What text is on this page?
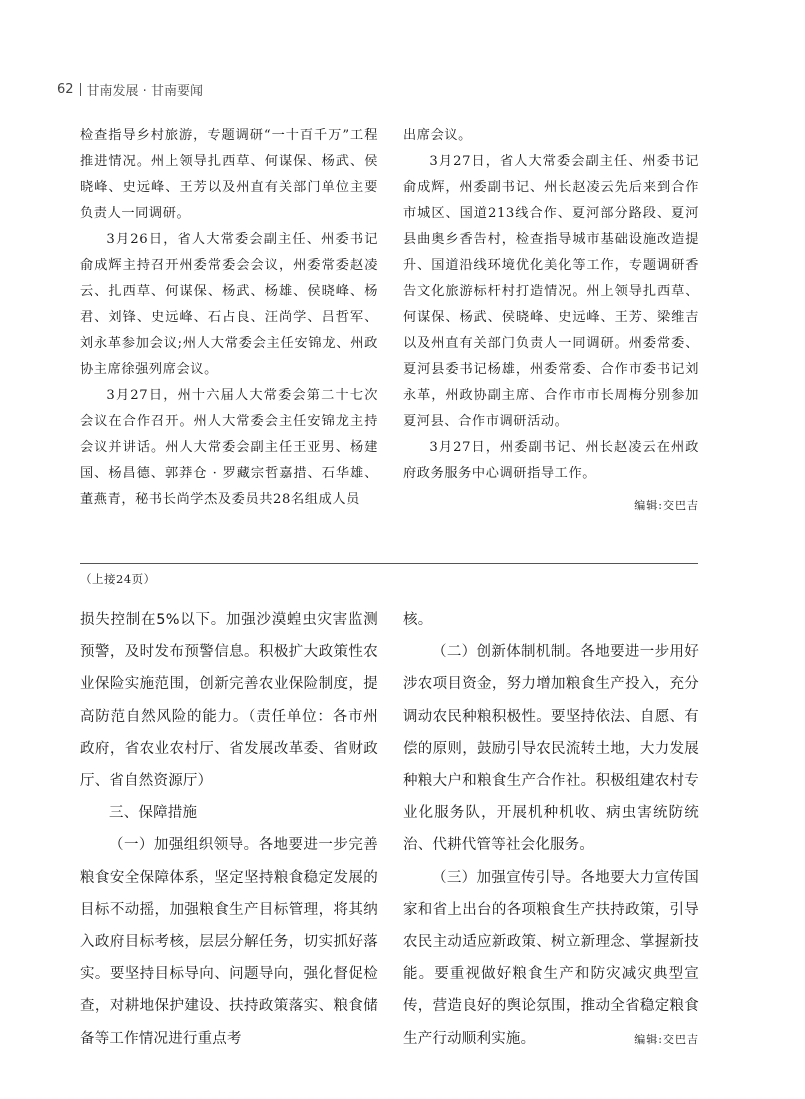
62 甘南发展 · 甘南要闻

检查指导乡村旅游，专题调研“一十百千万”工程推进情况。州上领导扎西草、何谋保、杨武、侯晓峰、史远峰、王芳以及州直有关部门单位主要负责人一同调研。

3月26日，省人大常委会副主任、州委书记俞成辉主持召开州委常委会会议，州委常委赵凌云、扎西草、何谋保、杨武、杨雄、侯晓峰、杨君、刘锋、史远峰、石占良、汪尚学、吕哲军、刘永革参加会议;州人大常委会主任安锦龙、州政协主席徐强列席会议。

3月27日，州十六届人大常委会第二十七次会议在合作召开。州人大常委会主任安锦龙主持会议并讲话。州人大常委会副主任王亚男、杨建国、杨昌德、郭莽仓 · 罗藏宗哲嘉措、石华雄、董燕青，秘书长尚学杰及委员共28名组成人员

出席会议。

3月27日，省人大常委会副主任、州委书记俞成辉，州委副书记、州长赵凌云先后来到合作市城区、国道213线合作、夏河部分路段、夏河县曲奥乡香告村，检查指导城市基础设施改造提升、国道沿线环境优化美化等工作，专题调研香告文化旅游标杆村打造情况。州上领导扎西草、何谋保、杨武、侯晓峰、史远峰、王芳、梁维吉以及州直有关部门负责人一同调研。州委常委、夏河县委书记杨雄，州委常委、合作市委书记刘永革，州政协副主席、合作市市长周梅分别参加夏河县、合作市调研活动。

3月27日，州委副书记、州长赵凌云在州政府政务服务中心调研指导工作。

编辑:交巴吉
（上接24页）

损失控制在5%以下。加强沙漠蝗虫灾害监测预警，及时发布预警信息。积极扩大政策性农业保险实施范围，创新完善农业保险制度，提高防范自然风险的能力。（责任单位：各市州政府，省农业农村厅、省发展改革委、省财政厅、省自然资源厅）

三、保障措施

（一）加强组织领导。各地要进一步完善粮食安全保障体系，坚定坚持粮食稳定发展的目标不动摇，加强粮食生产目标管理，将其纳入政府目标考核，层层分解任务，切实抓好落实。要坚持目标导向、问题导向，强化督促检查，对耕地保护建设、扶持政策落实、粮食储备等工作情况进行重点考

核。

（二）创新体制机制。各地要进一步用好涉农项目资金，努力增加粮食生产投入，充分调动农民种粮积极性。要坚持依法、自愿、有偿的原则，鼓励引导农民流转土地，大力发展种粮大户和粮食生产合作社。积极组建农村专业化服务队，开展机种机收、病虫害统防统治、代耕代管等社会化服务。

（三）加强宣传引导。各地要大力宣传国家和省上出台的各项粮食生产扶持政策，引导农民主动适应新政策、树立新理念、掌握新技能。要重视做好粮食生产和防灾减灾典型宣传，营造良好的舆论氛围，推动全省稳定粮食生产行动顺利实施。	编辑:交巴吉
